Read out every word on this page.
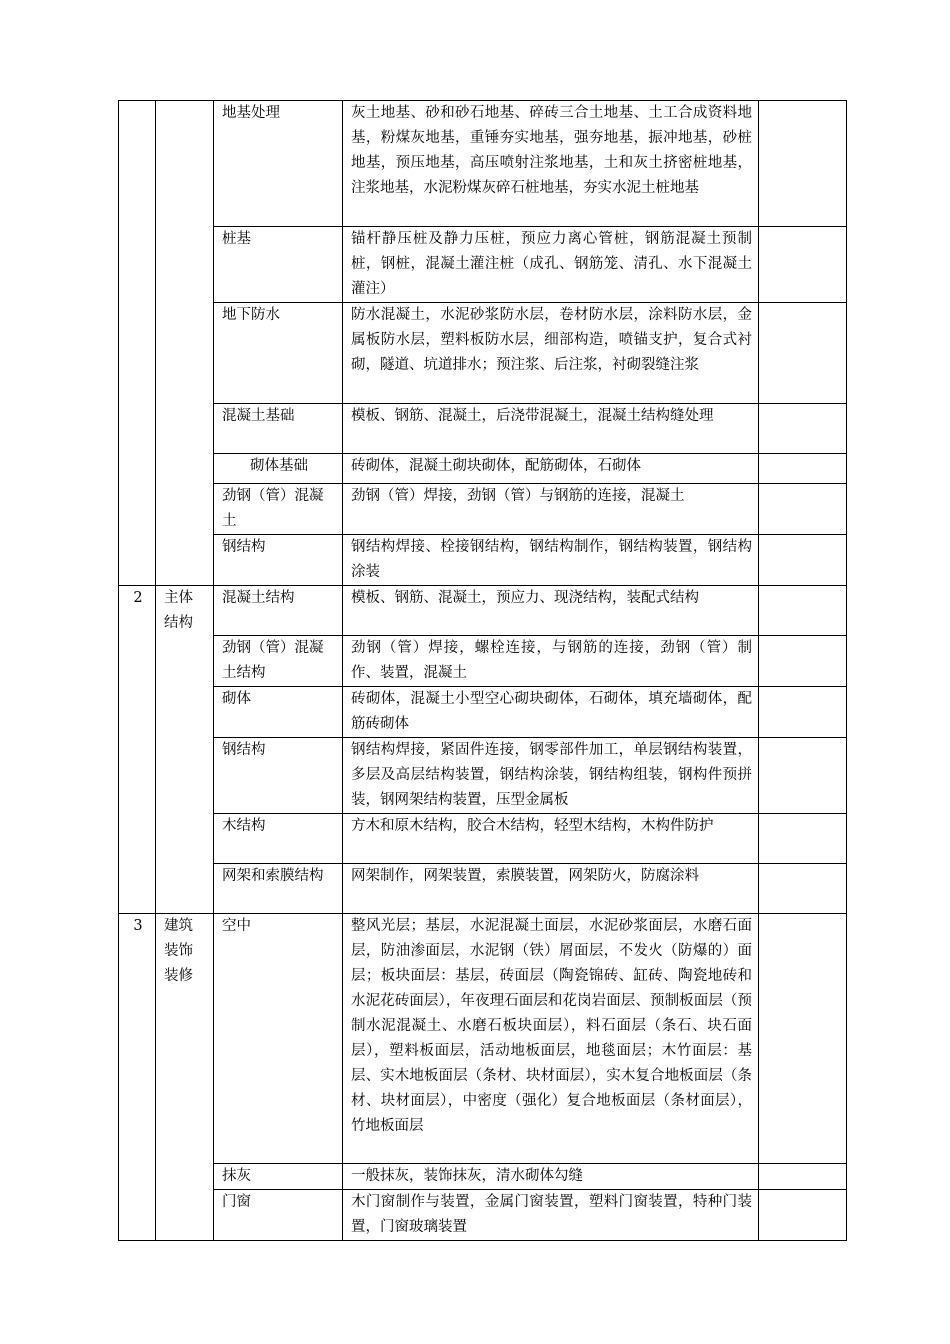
		地基处理	灰土地基、砂和砂石地基、碎砖三合土地基、土工合成资料地基，粉煤灰地基，重锤夯实地基，强夯地基，振冲地基，砂桩地基，预压地基，高压喷射注浆地基，土和灰土挤密桩地基，注浆地基，水泥粉煤灰碎石桩地基，夯实水泥土桩地基	
		桩基	锚杆静压桩及静力压桩，预应力离心管桩，钢筋混凝土预制桩，钢桩，混凝土灌注桩（成孔、钢筋笼、清孔、水下混凝土灌注）	
		地下防水	防水混凝土，水泥砂浆防水层，卷材防水层，涂料防水层，金属板防水层，塑料板防水层，细部构造，喷锚支护，复合式衬砌，隧道、坑道排水；预注浆、后注浆，衬砌裂缝注浆	
		混凝土基础	模板、钢筋、混凝土，后浇带混凝土，混凝土结构缝处理	
		砌体基础	砖砌体，混凝土砌块砌体，配筋砌体，石砌体	
		劲钢（管）混凝土	劲钢（管）焊接，劲钢（管）与钢筋的连接，混凝土	
		钢结构	钢结构焊接、栓接钢结构，钢结构制作，钢结构装置，钢结构涂装	
2	主体结构	混凝土结构	模板、钢筋、混凝土，预应力、现浇结构，装配式结构	
		劲钢（管）混凝土结构	劲钢（管）焊接，螺栓连接，与钢筋的连接，劲钢（管）制作、装置，混凝土	
		砌体	砖砌体，混凝土小型空心砌块砌体，石砌体，填充墙砌体，配筋砖砌体	
		钢结构	钢结构焊接，紧固件连接，钢零部件加工，单层钢结构装置，多层及高层结构装置，钢结构涂装，钢结构组装，钢构件预拼装，钢网架结构装置，压型金属板	
		木结构	方木和原木结构，胶合木结构，轻型木结构，木构件防护	
		网架和索膜结构	网架制作，网架装置，索膜装置，网架防火，防腐涂料	
3	建筑装饰装修	空中	整风光层；基层，水泥混凝土面层，水泥砂浆面层，水磨石面层，防油渗面层，水泥钢（铁）屑面层，不发火（防爆的）面层；板块面层：基层，砖面层（陶瓷锦砖、缸砖、陶瓷地砖和水泥花砖面层），年夜理石面层和花岗岩面层、预制板面层（预制水泥混凝土、水磨石板块面层），料石面层（条石、块石面层），塑料板面层，活动地板面层，地毯面层；木竹面层：基层、实木地板面层（条材、块材面层），实木复合地板面层（条材、块材面层），中密度（强化）复合地板面层（条材面层），竹地板面层	
		抹灰	一般抹灰，装饰抹灰，清水砌体勾缝	
		门窗	木门窗制作与装置，金属门窗装置，塑料门窗装置，特种门装置，门窗玻璃装置	
